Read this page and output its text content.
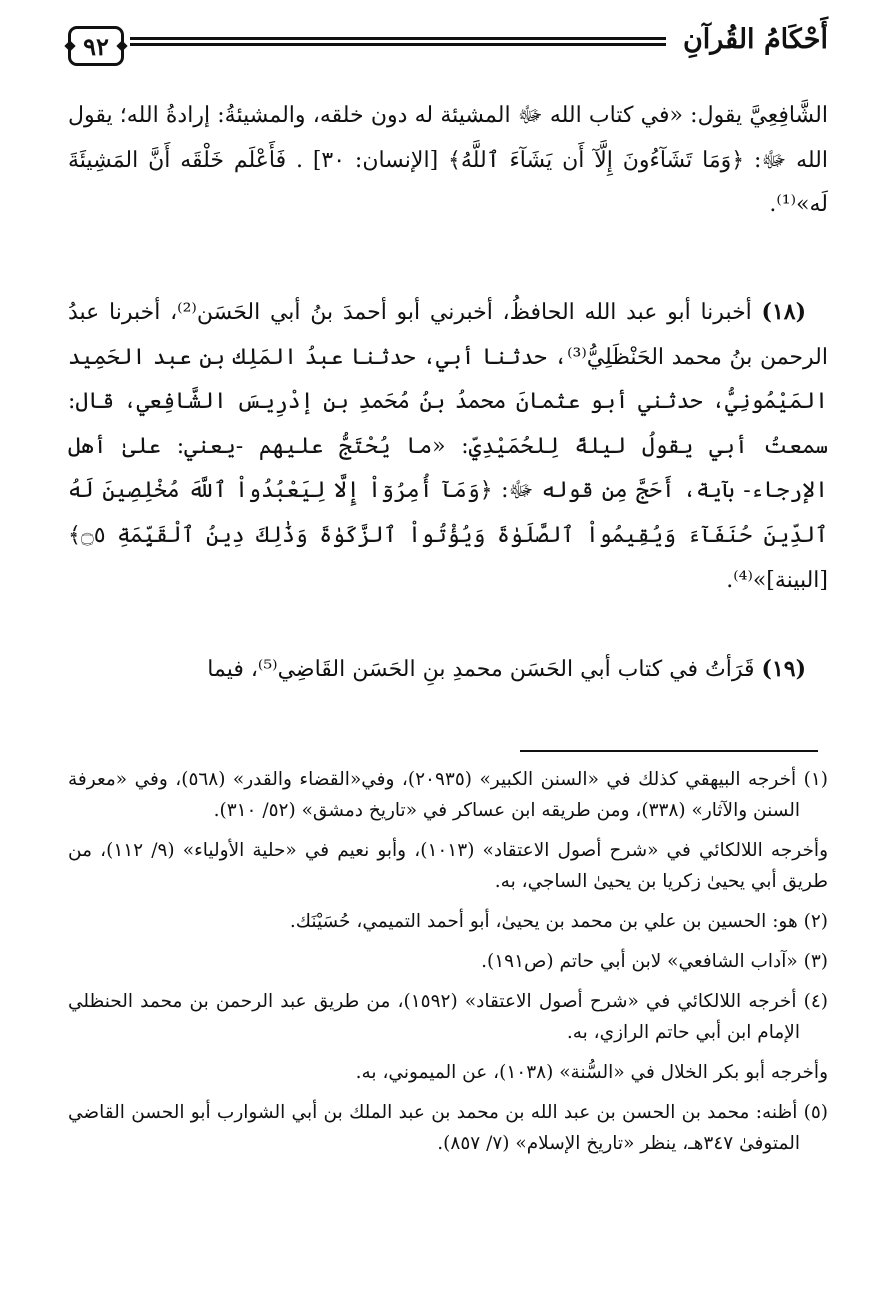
٩٢	أَحْكَامُ القُرآنِ
الشَّافِعِيَّ يقول: «في كتاب الله ﷻ المشيئة له دون خلقه، والمشيئةُ: إرادةُ الله؛ يقول الله ﷻ: ﴿وَمَا تَشَآءُونَ إِلَّآ أَن يَشَآءَ ٱللَّهُ﴾ [الإنسان: ٣٠] . فَأَعْلَم خَلْقَه أَنَّ المَشِيئَةَ لَه»⁽¹⁾.
(١٨) أخبرنا أبو عبد الله الحافظُ، أخبرني أبو أحمدَ بنُ أبي الحَسَن⁽²⁾، أخبرنا عبدُ الرحمن بنُ محمد الحَنْظَلِيُّ⁽³⁾، حدثنا أبي، حدثنا عبدُ المَلِك بن عبد الحَمِيد المَيْمُونِيُّ، حدثني أبو عثمانَ محمدُ بنُ مُحَمدِ بنِ إدْرِيسَ الشَّافِعي، قال: سمعتُ أبي يقولُ ليلةً لِلحُمَيْدِيِّ: «ما يُحْتَجُّ عليهم -يعني: علىٰ أهل الإرجاء- بآية، أَحَجَّ مِن قوله ﷻ: ﴿وَمَآ أُمِرُوٓاْ إِلَّا لِيَعْبُدُواْ ٱللَّهَ مُخْلِصِينَ لَهُ ٱلدِّينَ حُنَفَآءَ وَيُقِيمُواْ ٱلصَّلَوٰةَ وَيُؤْتُواْ ٱلزَّكَوٰةَ وَذَٰلِكَ دِينُ ٱلْقَيِّمَةِ ۝٥﴾ [البينة]»⁽⁴⁾.
(١٩) قَرَأتُ في كتاب أبي الحَسَن محمدِ بنِ الحَسَن القَاضِي⁽⁵⁾، فيما

(١) أخرجه البيهقي كذلك في «السنن الكبير» (٢٠٩٣٥)، وفي«القضاء والقدر» (٥٦٨)، وفي «معرفة السنن والآثار» (٣٣٨)، ومن طريقه ابن عساكر في «تاريخ دمشق» (٥٢/ ٣١٠).

وأخرجه اللالكائي في «شرح أصول الاعتقاد» (١٠١٣)، وأبو نعيم في «حلية الأولياء» (٩/ ١١٢)، من طريق أبي يحيىٰ زكريا بن يحيىٰ الساجي، به.

(٢) هو: الحسين بن علي بن محمد بن يحيىٰ، أبو أحمد التميمي، حُسَيْنَك.

(٣) «آداب الشافعي» لابن أبي حاتم (ص١٩١).

(٤) أخرجه اللالكائي في «شرح أصول الاعتقاد» (١٥٩٢)، من طريق عبد الرحمن بن محمد الحنظلي الإمام ابن أبي حاتم الرازي، به.

وأخرجه أبو بكر الخلال في «السُّنة» (١٠٣٨)، عن الميموني، به.

(٥) أظنه: محمد بن الحسن بن عبد الله بن محمد بن عبد الملك بن أبي الشوارب أبو الحسن القاضي المتوفىٰ ٣٤٧هـ، ينظر «تاريخ الإسلام» (٧/ ٨٥٧).
